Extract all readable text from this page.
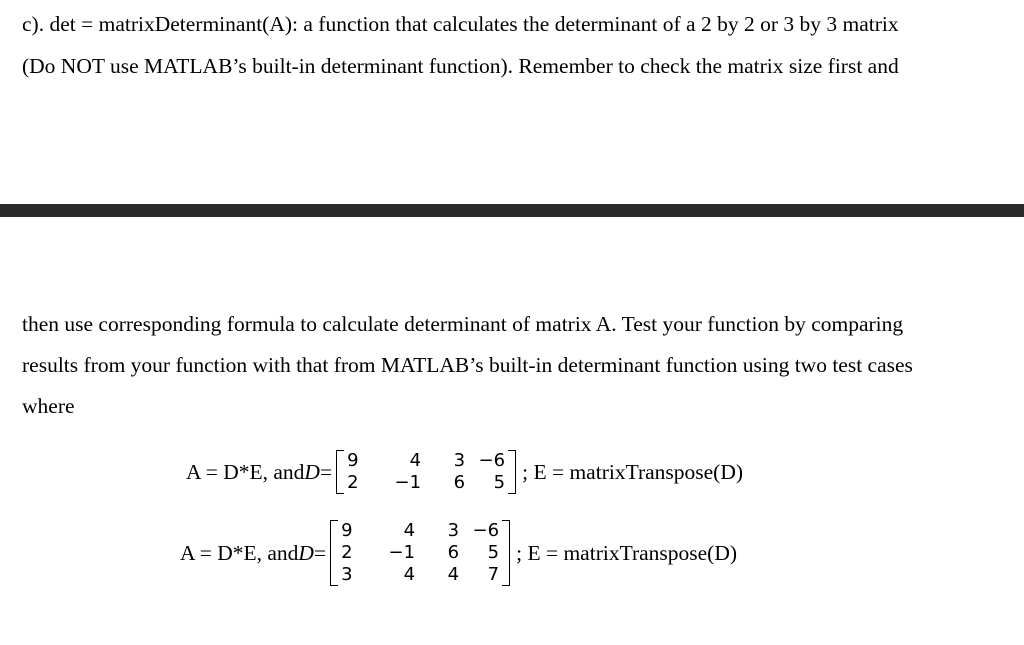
c). det = matrixDeterminant(A): a function that calculates the determinant of a 2 by 2 or 3 by 3 matrix
(Do NOT use MATLAB’s built-in determinant function). Remember to check the matrix size first and
then use corresponding formula to calculate determinant of matrix A. Test your function by comparing
results from your function with that from MATLAB’s built-in determinant function using two test cases
where
A = D*E, and D = 9	4	3 −6
2	−1	6	5 ; E = matrixTranspose(D)
A = D*E, and D =
9	4	3 −6
2	−1	6	5
3	4	4	7
; E = matrixTranspose(D)
